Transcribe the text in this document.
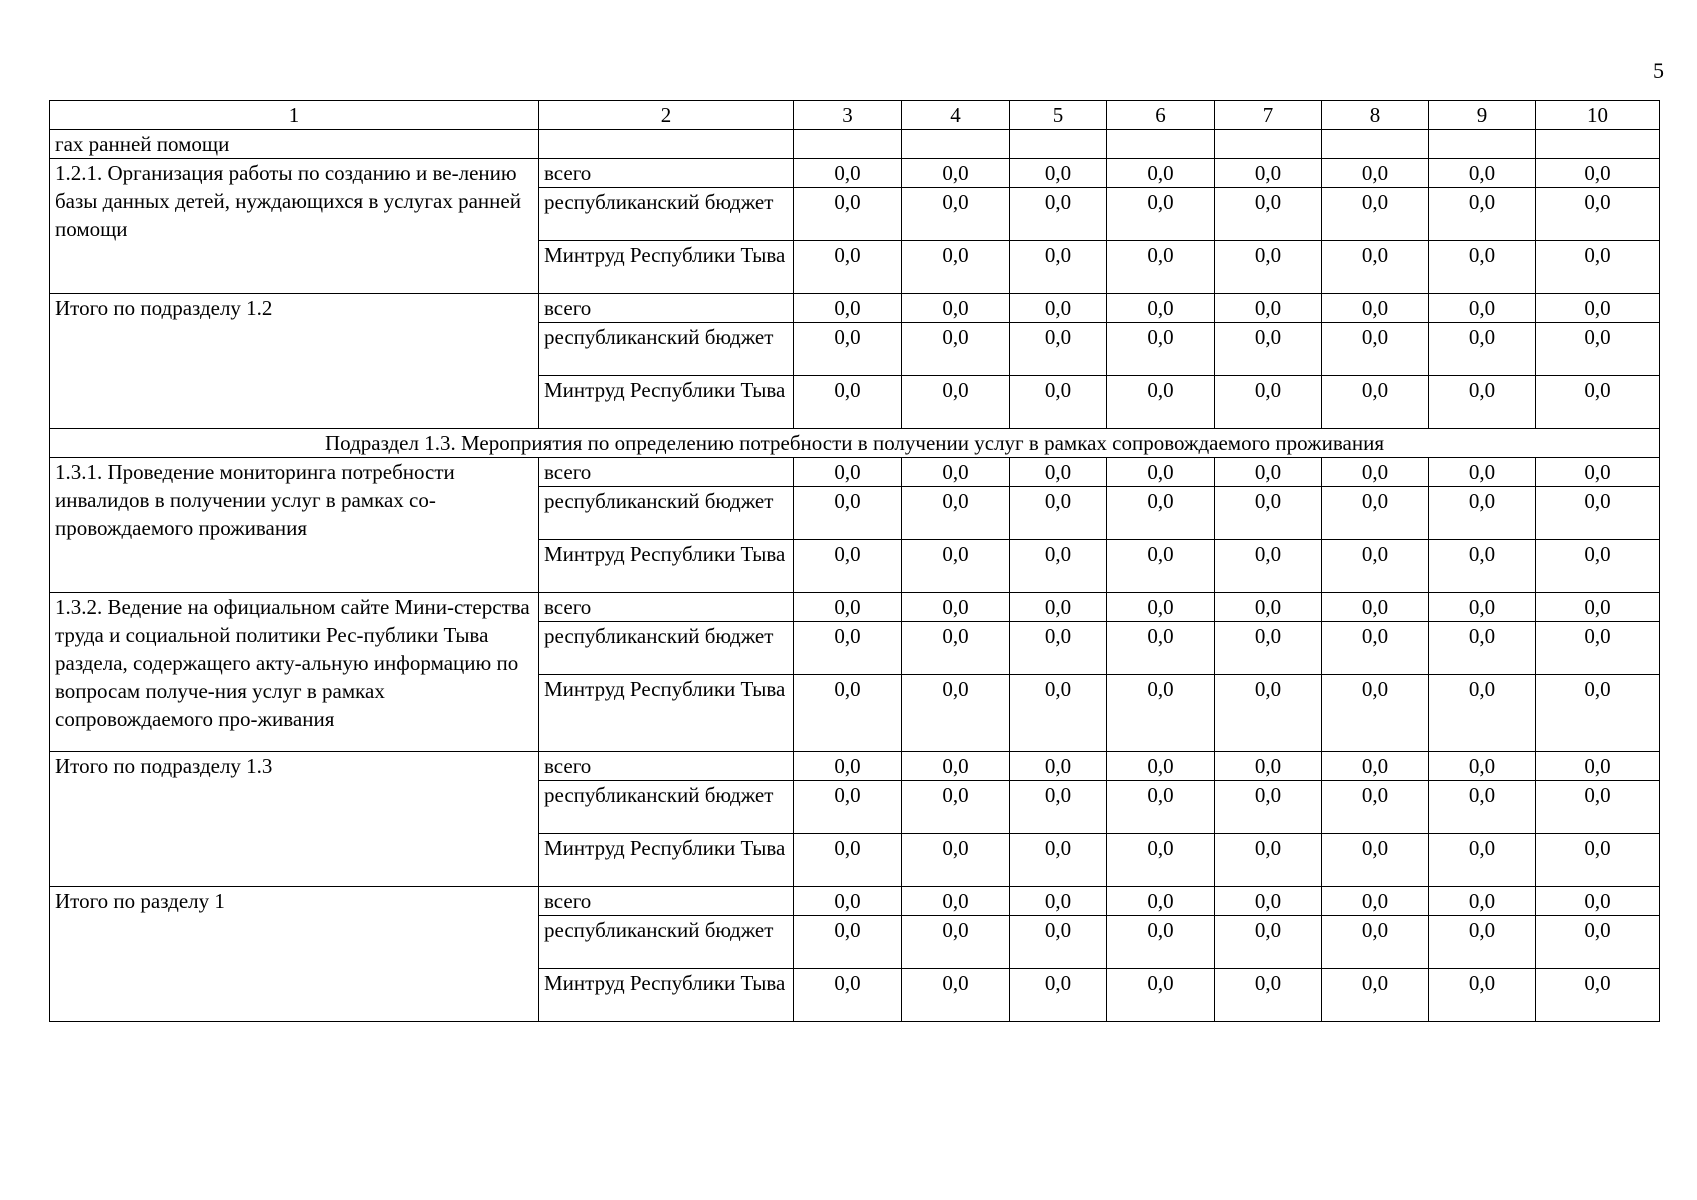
5
1	2	3	4	5	6	7	8	9	10
гах ранней помощи									
1.2.1. Организация работы по созданию и ве-лению базы данных детей, нуждающихся в услугах ранней помощи	всего	0,0	0,0	0,0	0,0	0,0	0,0	0,0	0,0
	республиканский бюджет	0,0	0,0	0,0	0,0	0,0	0,0	0,0	0,0
	Минтруд Республики Тыва	0,0	0,0	0,0	0,0	0,0	0,0	0,0	0,0
Итого по подразделу 1.2	всего	0,0	0,0	0,0	0,0	0,0	0,0	0,0	0,0
	республиканский бюджет	0,0	0,0	0,0	0,0	0,0	0,0	0,0	0,0
	Минтруд Республики Тыва	0,0	0,0	0,0	0,0	0,0	0,0	0,0	0,0
Подраздел 1.3. Мероприятия по определению потребности в получении услуг в рамках сопровождаемого проживания									
1.3.1. Проведение мониторинга потребности инвалидов в получении услуг в рамках со-провождаемого проживания	всего	0,0	0,0	0,0	0,0	0,0	0,0	0,0	0,0
	республиканский бюджет	0,0	0,0	0,0	0,0	0,0	0,0	0,0	0,0
	Минтруд Республики Тыва	0,0	0,0	0,0	0,0	0,0	0,0	0,0	0,0
1.3.2. Ведение на официальном сайте Мини-стерства труда и социальной политики Рес-публики Тыва раздела, содержащего акту-альную информацию по вопросам получе-ния услуг в рамках сопровождаемого про-живания	всего	0,0	0,0	0,0	0,0	0,0	0,0	0,0	0,0
	республиканский бюджет	0,0	0,0	0,0	0,0	0,0	0,0	0,0	0,0
	Минтруд Республики Тыва	0,0	0,0	0,0	0,0	0,0	0,0	0,0	0,0
Итого по подразделу 1.3	всего	0,0	0,0	0,0	0,0	0,0	0,0	0,0	0,0
	республиканский бюджет	0,0	0,0	0,0	0,0	0,0	0,0	0,0	0,0
	Минтруд Республики Тыва	0,0	0,0	0,0	0,0	0,0	0,0	0,0	0,0
Итого по разделу 1	всего	0,0	0,0	0,0	0,0	0,0	0,0	0,0	0,0
	республиканский бюджет	0,0	0,0	0,0	0,0	0,0	0,0	0,0	0,0
	Минтруд Республики Тыва	0,0	0,0	0,0	0,0	0,0	0,0	0,0	0,0
